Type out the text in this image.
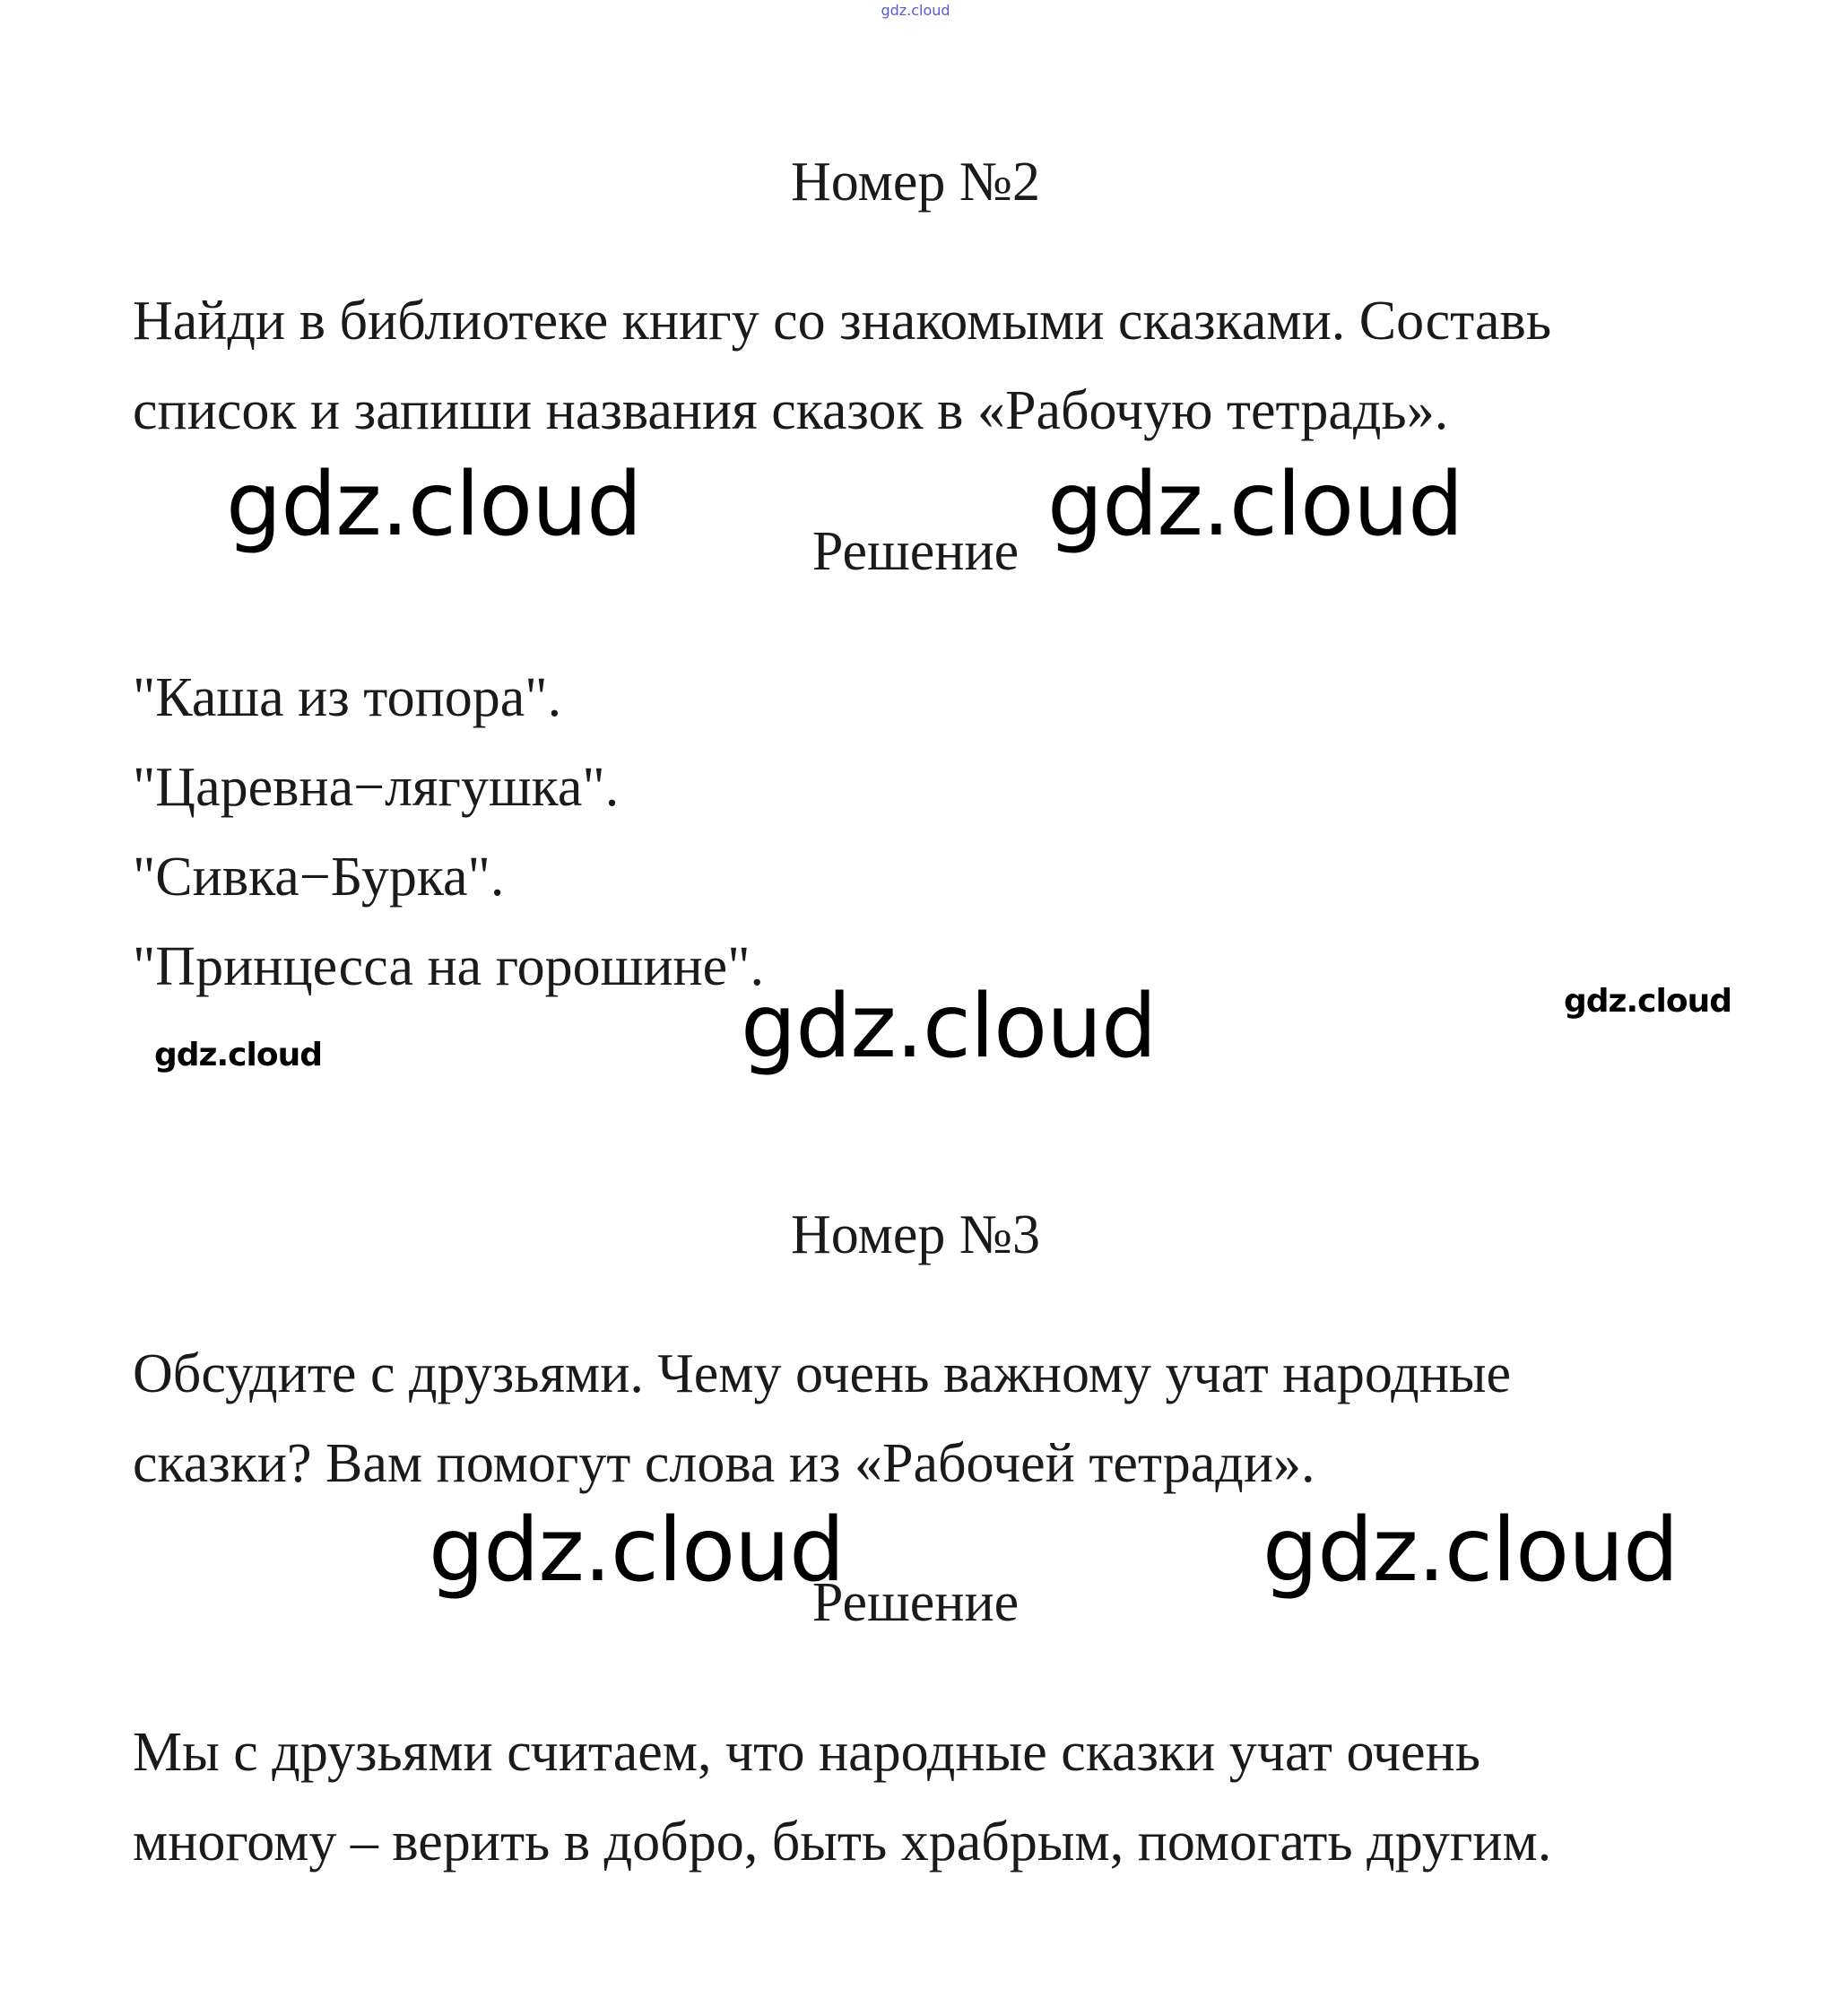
gdz.cloud
Номер №2
Найди в библиотеке книгу со знакомыми сказками. Составь
список и запиши названия сказок в «Рабочую тетрадь».
gdz.cloud	gdz.cloud
Решение
"Каша из топора".
"Царевна−лягушка".
"Сивка−Бурка".
"Принцесса на горошине".
gdz.cloud	gdz.cloud
gdz.cloud
Номер №3
Обсудите с друзьями. Чему очень важному учат народные
сказки? Вам помогут слова из «Рабочей тетради».
gdz.cloud	gdz.cloud
Решение
Мы с друзьями считаем, что народные сказки учат очень
многому – верить в добро, быть храбрым, помогать другим.
